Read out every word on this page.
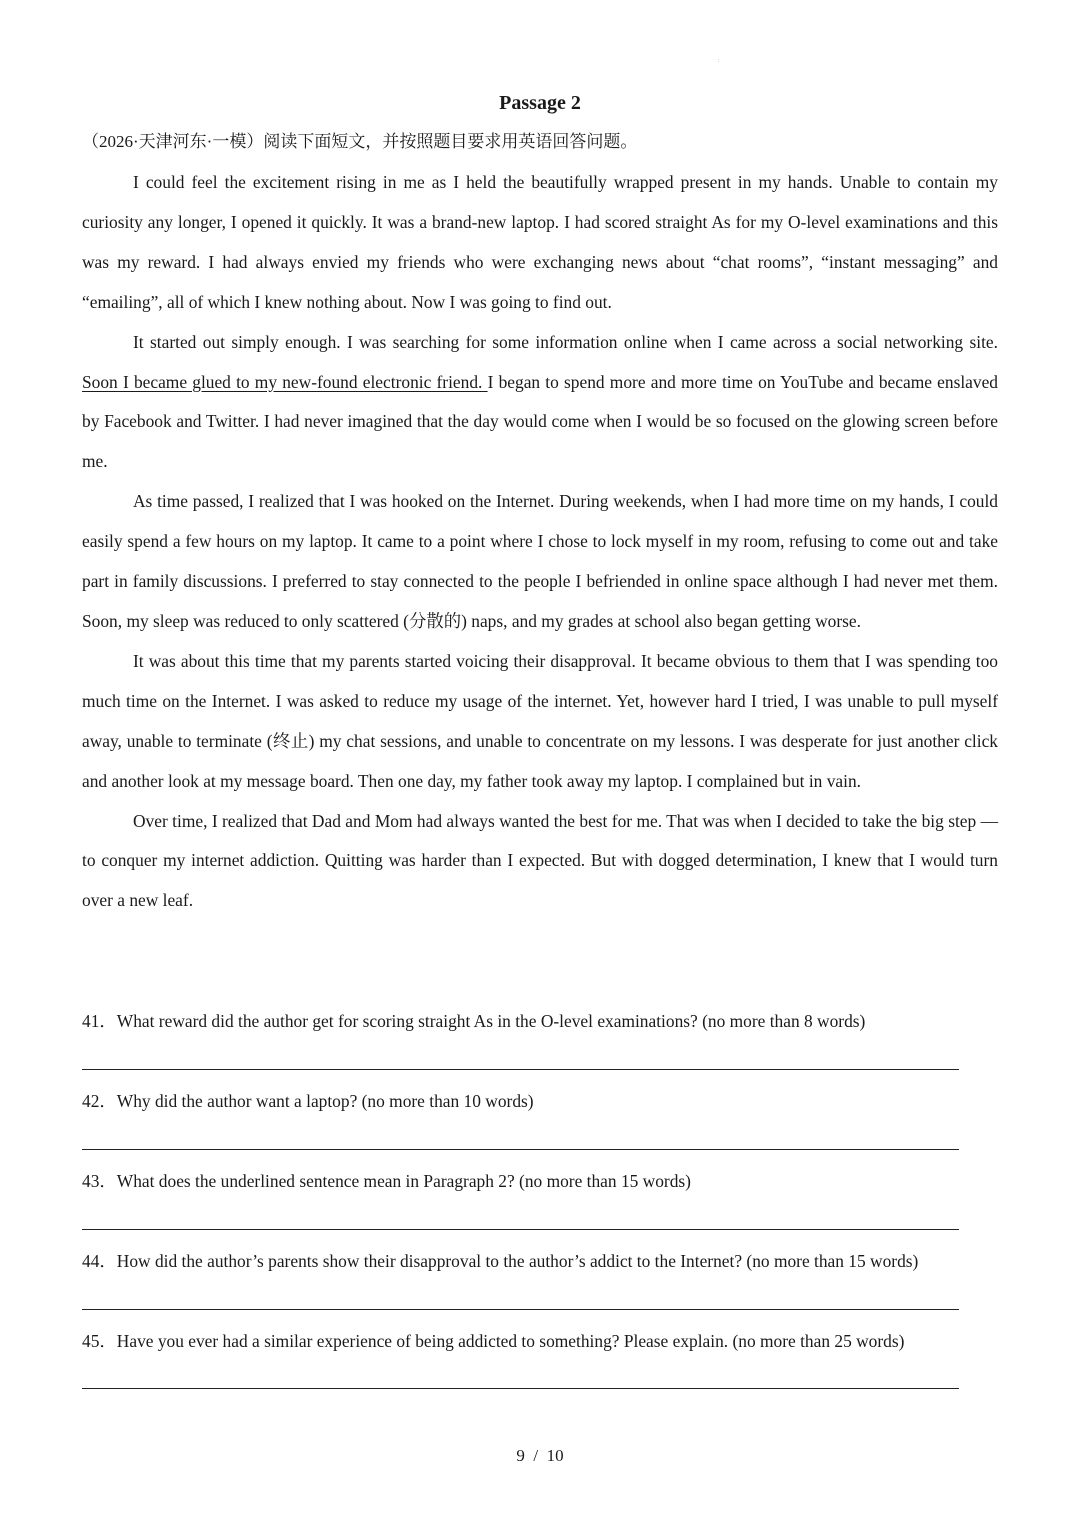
:
Passage 2
（2026·天津河东·一模）阅读下面短文，并按照题目要求用英语回答问题。

I could feel the excitement rising in me as I held the beautifully wrapped present in my hands. Unable to contain my curiosity any longer, I opened it quickly. It was a brand-new laptop. I had scored straight As for my O-level examinations and this was my reward. I had always envied my friends who were exchanging news about “chat rooms”, “instant messaging” and “emailing”, all of which I knew nothing about. Now I was going to find out.

It started out simply enough. I was searching for some information online when I came across a social networking site. Soon I became glued to my new-found electronic friend. I began to spend more and more time on YouTube and became enslaved by Facebook and Twitter. I had never imagined that the day would come when I would be so focused on the glowing screen before me.

As time passed, I realized that I was hooked on the Internet. During weekends, when I had more time on my hands, I could easily spend a few hours on my laptop. It came to a point where I chose to lock myself in my room, refusing to come out and take part in family discussions. I preferred to stay connected to the people I befriended in online space although I had never met them. Soon, my sleep was reduced to only scattered (分散的) naps, and my grades at school also began getting worse.

It was about this time that my parents started voicing their disapproval. It became obvious to them that I was spending too much time on the Internet. I was asked to reduce my usage of the internet. Yet, however hard I tried, I was unable to pull myself away, unable to terminate (终止) my chat sessions, and unable to concentrate on my lessons. I was desperate for just another click and another look at my message board. Then one day, my father took away my laptop. I complained but in vain.

Over time, I realized that Dad and Mom had always wanted the best for me. That was when I decided to take the big step — to conquer my internet addiction. Quitting was harder than I expected. But with dogged determination, I knew that I would turn over a new leaf.

41．What reward did the author get for scoring straight As in the O-level examinations? (no more than 8 words)
42．Why did the author want a laptop? (no more than 10 words)
43．What does the underlined sentence mean in Paragraph 2? (no more than 15 words)
44．How did the author’s parents show their disapproval to the author’s addict to the Internet? (no more than 15 words)
45．Have you ever had a similar experience of being addicted to something? Please explain. (no more than 25 words)
9  /  10
